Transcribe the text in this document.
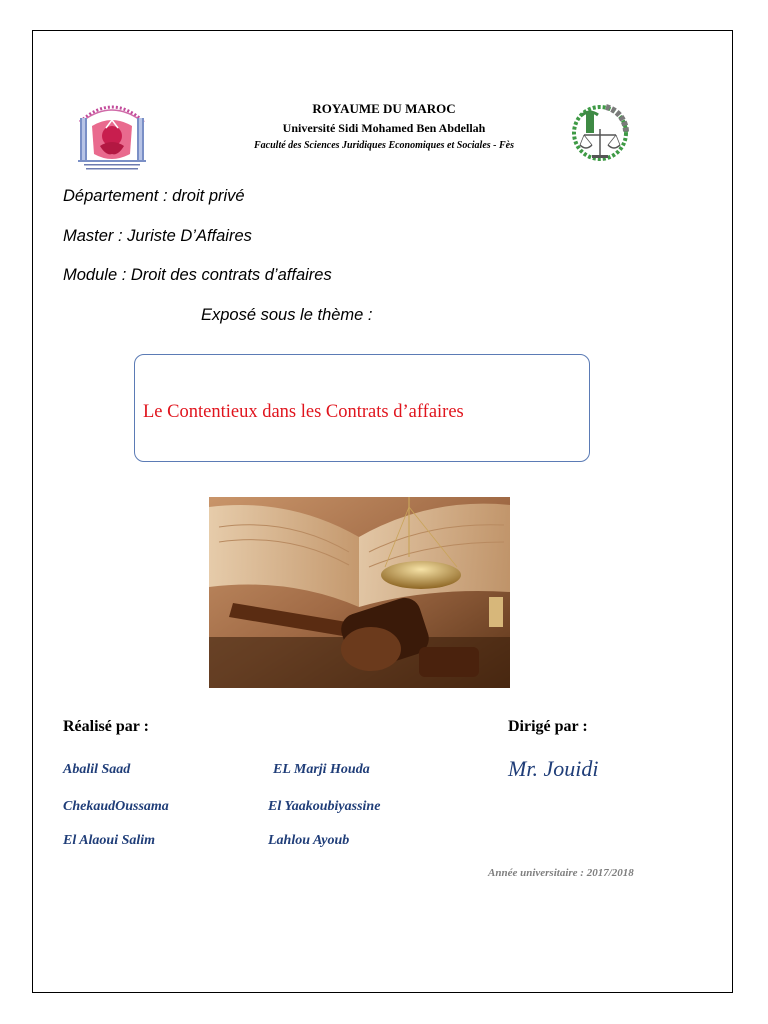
ROYAUME DU MAROC
Université Sidi Mohamed Ben Abdellah
Faculté des Sciences Juridiques Economiques et Sociales - Fès
Département : droit privé
Master : Juriste D’Affaires
Module : Droit des contrats d’affaires
Exposé sous le thème :
Le Contentieux dans les Contrats d’affaires
Réalisé par :	Dirigé par :
Abalil Saad
ChekaudOussama
El Alaoui Salim
EL Marji Houda
El Yaakoubiyassine
Lahlou Ayoub
Mr. Jouidi
Année universitaire : 2017/2018
